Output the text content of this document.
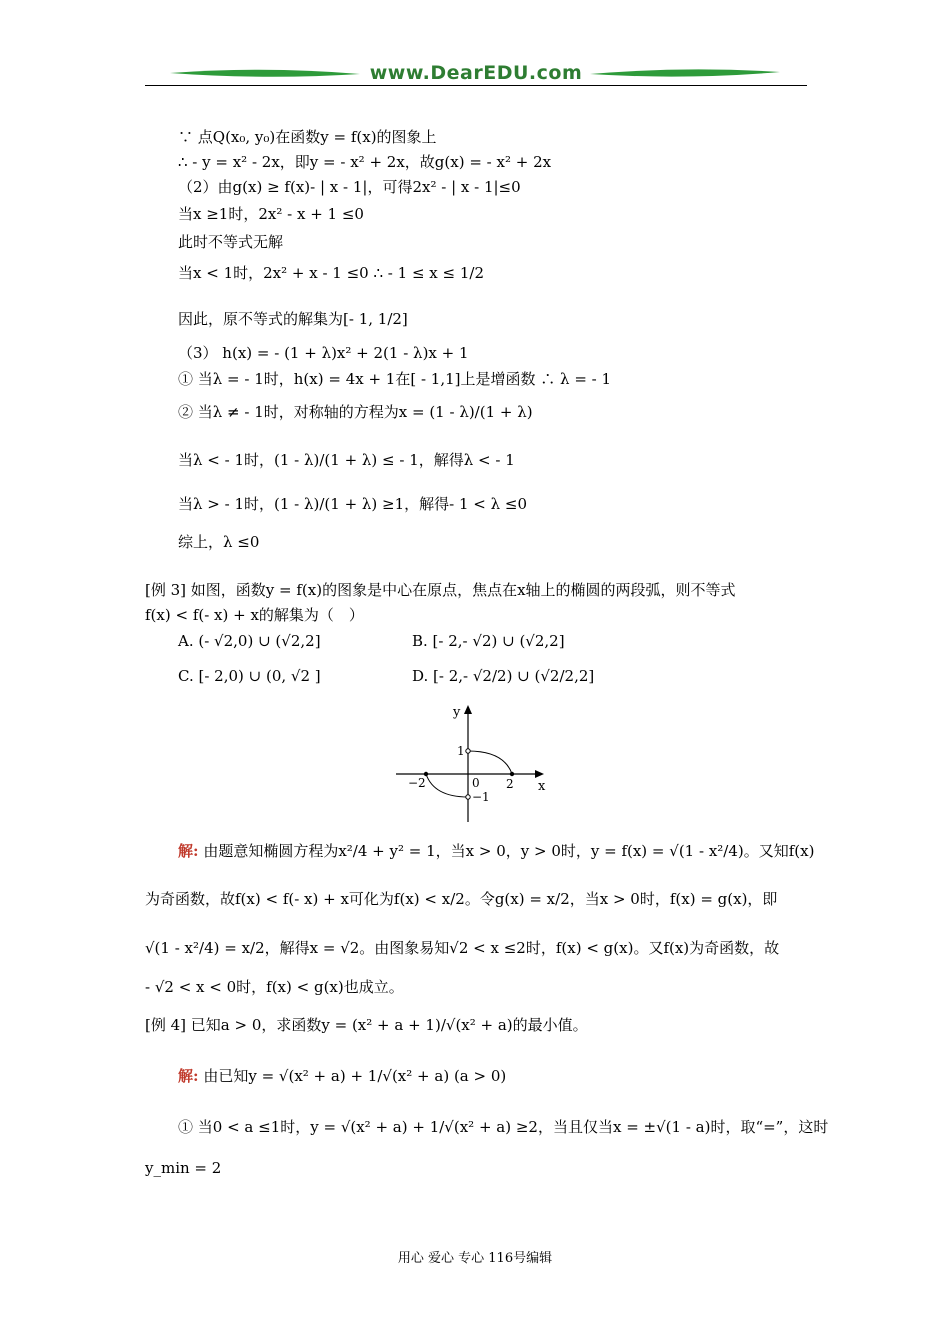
www.DearEDU.com
∵ 点Q(x₀, y₀)在函数y = f(x)的图象上
∴ - y = x² - 2x，即y = - x² + 2x，故g(x) = - x² + 2x
（2）由g(x) ≥ f(x)- | x - 1|，可得2x² - | x - 1|≤0
当x ≥1时，2x² - x + 1 ≤0
此时不等式无解
当x < 1时，2x² + x - 1 ≤0 ∴ - 1 ≤ x ≤ 1/2
因此，原不等式的解集为[- 1, 1/2]
（3） h(x) = - (1 + λ)x² + 2(1 - λ)x + 1
① 当λ = - 1时，h(x) = 4x + 1在[ - 1,1]上是增函数 ∴ λ = - 1
② 当λ ≠ - 1时，对称轴的方程为x = (1 - λ)/(1 + λ)
当λ < - 1时，(1 - λ)/(1 + λ) ≤ - 1，解得λ < - 1
当λ > - 1时，(1 - λ)/(1 + λ) ≥1，解得- 1 < λ ≤0
综上，λ ≤0
[例 3] 如图，函数y = f(x)的图象是中心在原点，焦点在x轴上的椭圆的两段弧，则不等式
f(x) < f(- x) + x的解集为（　）
A. (- √2,0) ∪ (√2,2]	B. [- 2,- √2) ∪ (√2,2]
C. [- 2,0) ∪ (0, √2 ]	D. [- 2,- √2/2) ∪ (√2/2,2]
y
x
1
0
−2	2
−1
解: 由题意知椭圆方程为x²/4 + y² = 1，当x > 0，y > 0时，y = f(x) = √(1 - x²/4)。又知f(x)
为奇函数，故f(x) < f(- x) + x可化为f(x) < x/2。令g(x) = x/2，当x > 0时，f(x) = g(x)，即
√(1 - x²/4) = x/2，解得x = √2。由图象易知√2 < x ≤2时，f(x) < g(x)。又f(x)为奇函数，故
- √2 < x < 0时，f(x) < g(x)也成立。
[例 4] 已知a > 0，求函数y = (x² + a + 1)/√(x² + a)的最小值。
解: 由已知y = √(x² + a) + 1/√(x² + a) (a > 0)
① 当0 < a ≤1时，y = √(x² + a) + 1/√(x² + a) ≥2，当且仅当x = ±√(1 - a)时，取“=”，这时
y_min = 2
用心 爱心 专心 116号编辑
